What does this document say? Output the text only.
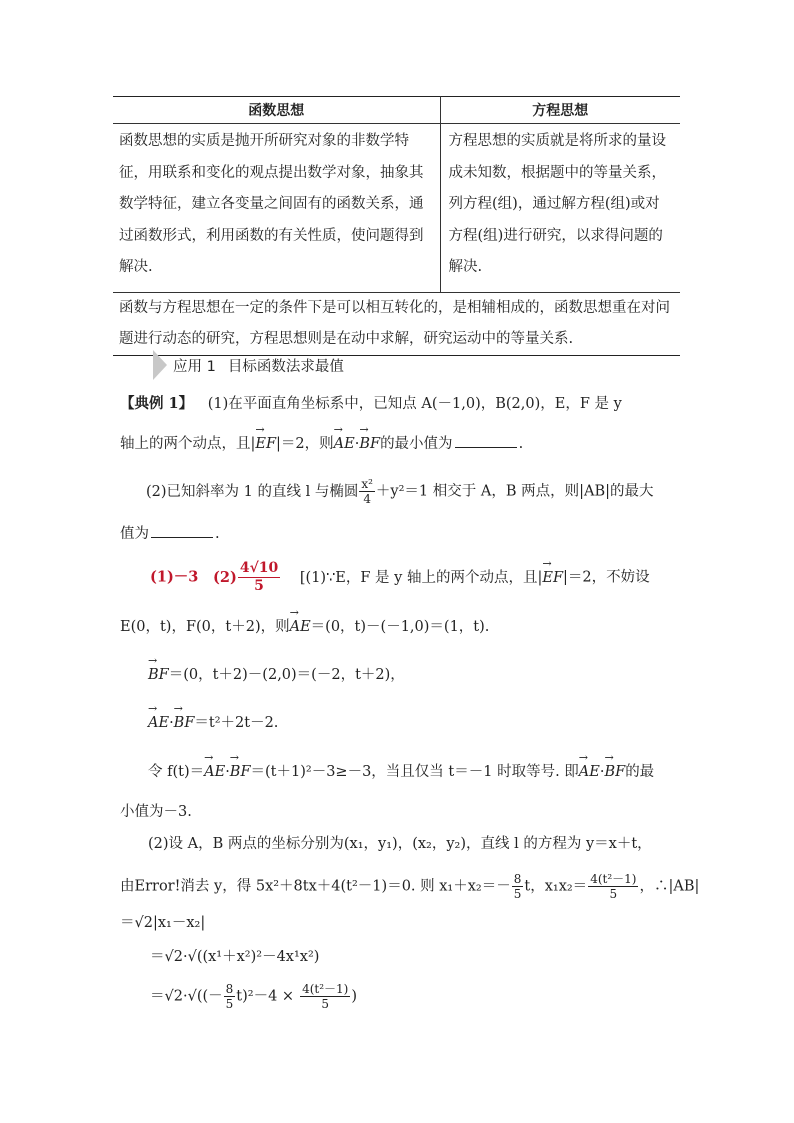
函数思想	方程思想

函数思想的实质是抛开所研究对象的非数学特征，用联系和变化的观点提出数学对象，抽象其数学特征，建立各变量之间固有的函数关系，通过函数形式，利用函数的有关性质，使问题得到解决.	方程思想的实质就是将所求的量设成未知数，根据题中的等量关系，列方程(组)，通过解方程(组)或对方程(组)进行研究，以求得问题的解决.

函数与方程思想在一定的条件下是可以相互转化的，是相辅相成的，函数思想重在对问题进行动态的研究，方程思想则是在动中求解，研究运动中的等量关系.	
应用 1 目标函数法求最值
【典例 1】 (1)在平面直角坐标系中，已知点 A(－1,0)，B(2,0)，E，F 是 y
轴上的两个动点，且|→ EF|＝2，则→ AE·→ BF的最小值为	.
(2)已知斜率为 1 的直线 l 与椭圆 $\frac{\text{x²}}{4} +y^2=1$ 相交于 A，B 两点，则|AB|的最大
值为	.
(1)－3 $(2) \frac{4√10}{5}$ [(1)∵E，F 是 y 轴上的两个动点，且|→ EF|＝2，不妨设
E(0，t)，F(0，t＋2)，则→ AE＝(0，t)－(－1,0)＝(1，t).
→ BF＝(0，t＋2)－(2,0)＝(－2，t＋2)，
→ AE·→ BF＝t²＋2t－2.
令 f(t)＝→ AE·→ BF＝(t＋1)²－3≥－3，当且仅当 t＝－1 时取等号. 即→ AE·→ BF的最
小值为－3.
(2)设 A，B 两点的坐标分别为(x₁，y₁)，(x₂，y₂)，直线 l 的方程为 y＝x＋t，
由Error!消去 y，得 5x²＋8tx＋4(t²－1)＝0. 则 $x_1+x_2=- \frac{8}{5}$ t，$x_1x_2= \frac{\text{4(t²－1)}}{5}$ ，∴|AB|
＝√2|x₁－x₂|
＝√2·√((x¹＋x²)²－4x¹x²)
$=√2\cdot√((- \frac{8}{5} t)^2-4 \times \frac{\text{4(t²－1)}}{5}$ )
